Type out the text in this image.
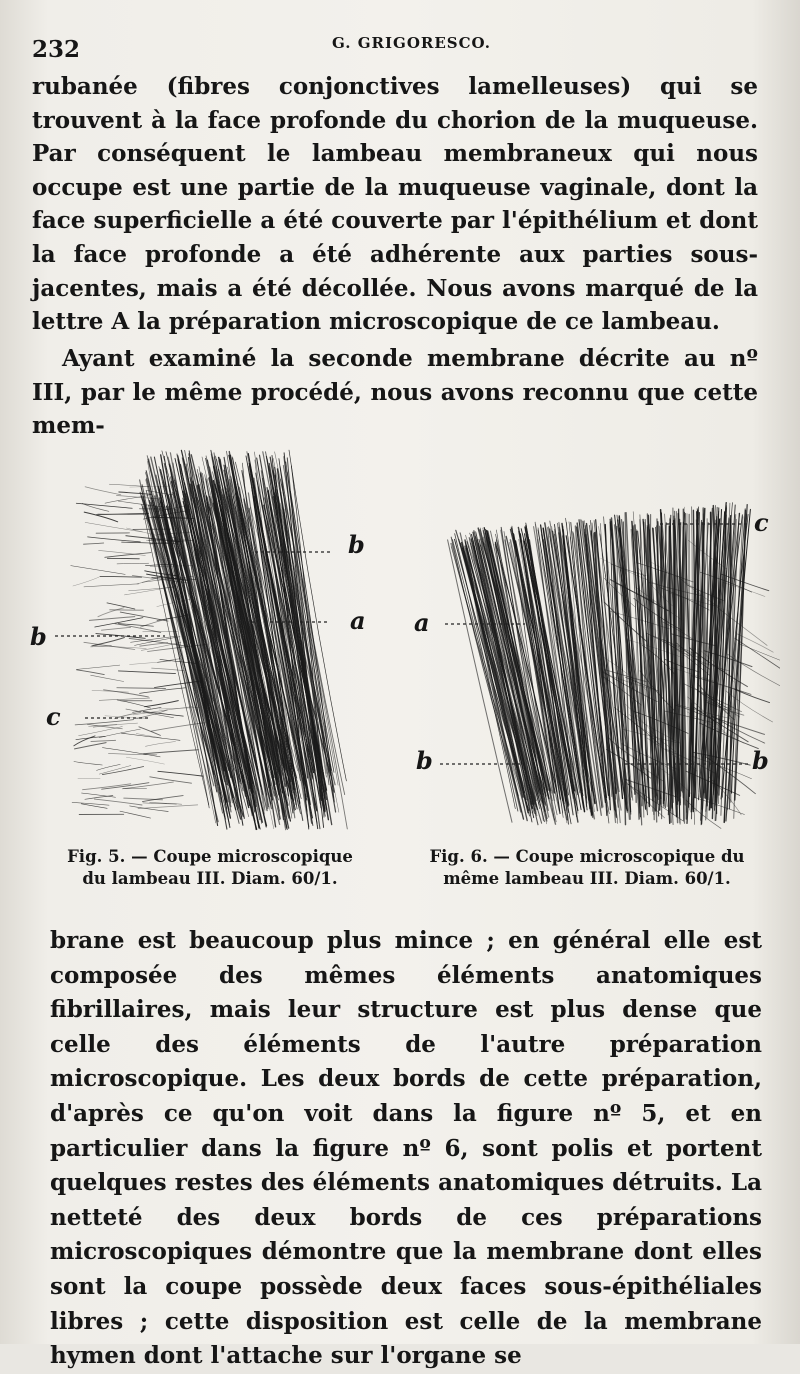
232	G. GRIGORESCO.

rubanée (fibres conjonctives lamelleuses) qui se trouvent à la face profonde du chorion de la muqueuse. Par conséquent le lambeau membraneux qui nous occupe est une partie de la muqueuse vaginale, dont la face superficielle a été couverte par l'épithélium et dont la face profonde a été adhérente aux parties sous-jacentes, mais a été décollée. Nous avons marqué de la lettre A la préparation microscopique de ce lambeau.

Ayant examiné la seconde membrane décrite au nº III, par le même procédé, nous avons reconnu que cette mem-

b
a
b
c
c
a
b	b
Fig. 5. — Coupe microscopique
du lambeau III. Diam. 60/1.
Fig. 6. — Coupe microscopique du
même lambeau III. Diam. 60/1.

brane est beaucoup plus mince ; en général elle est composée des mêmes éléments anatomiques fibrillaires, mais leur structure est plus dense que celle des éléments de l'autre préparation microscopique. Les deux bords de cette préparation, d'après ce qu'on voit dans la figure nº 5, et en particulier dans la figure nº 6, sont polis et portent quelques restes des éléments anatomiques détruits. La netteté des deux bords de ces préparations microscopiques démontre que la membrane dont elles sont la coupe possède deux faces sous-épithéliales libres ; cette disposition est celle de la membrane hymen dont l'attache sur l'organe se
